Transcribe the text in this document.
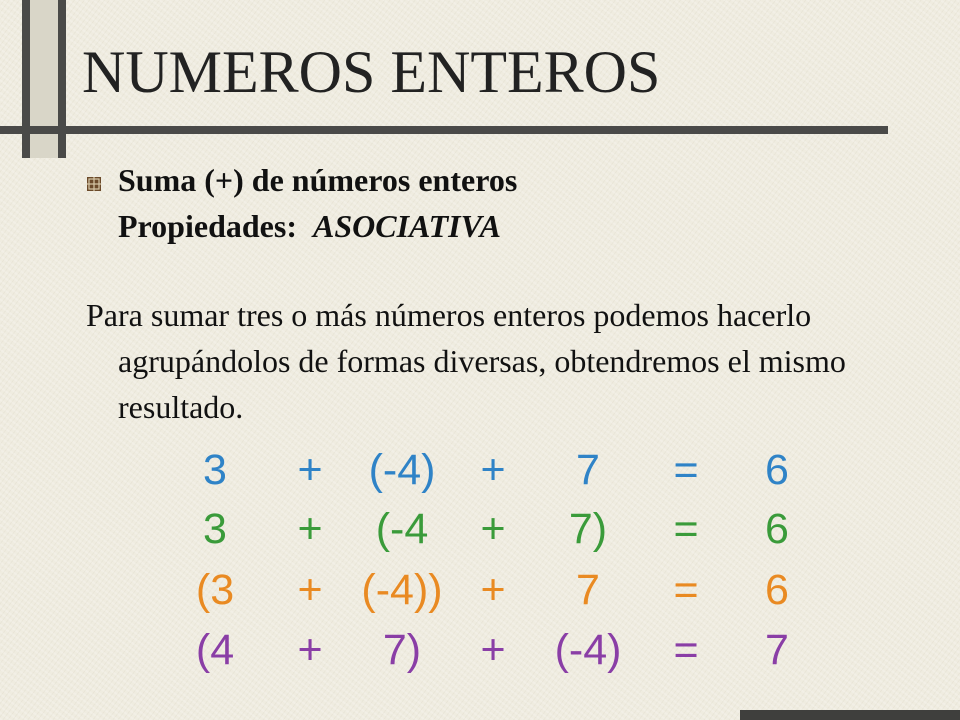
NUMEROS ENTEROS
Suma (+) de números enteros
Propiedades:  ASOCIATIVA
Para sumar tres o más números enteros podemos hacerlo agrupándolos de formas diversas, obtendremos el mismo resultado.
3 + (-4) + 7 = 6
3 + (-4 + 7) = 6
(3 + (-4)) + 7 = 6
(4 + 7) + (-4) = 7
